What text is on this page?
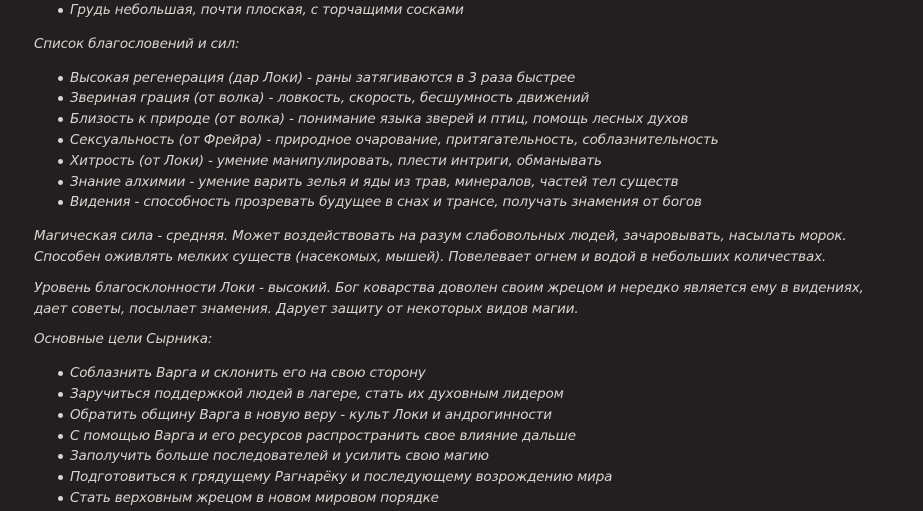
Грудь небольшая, почти плоская, с торчащими сосками

Список благословений и сил:

Высокая регенерация (дар Локи) - раны затягиваются в 3 раза быстрее
Звериная грация (от волка) - ловкость, скорость, бесшумность движений
Близость к природе (от волка) - понимание языка зверей и птиц, помощь лесных духов
Сексуальность (от Фрейра) - природное очарование, притягательность, соблазнительность
Хитрость (от Локи) - умение манипулировать, плести интриги, обманывать
Знание алхимии - умение варить зелья и яды из трав, минералов, частей тел существ
Видения - способность прозревать будущее в снах и трансе, получать знамения от богов

Магическая сила - средняя. Может воздействовать на разум слабовольных людей, зачаровывать, насылать морок. Способен оживлять мелких существ (насекомых, мышей). Повелевает огнем и водой в небольших количествах.

Уровень благосклонности Локи - высокий. Бог коварства доволен своим жрецом и нередко является ему в видениях, дает советы, посылает знамения. Дарует защиту от некоторых видов магии.

Основные цели Сырника:

Соблазнить Варга и склонить его на свою сторону
Заручиться поддержкой людей в лагере, стать их духовным лидером
Обратить общину Варга в новую веру - культ Локи и андрогинности
С помощью Варга и его ресурсов распространить свое влияние дальше
Заполучить больше последователей и усилить свою магию
Подготовиться к грядущему Рагнарёку и последующему возрождению мира
Стать верховным жрецом в новом мировом порядке
